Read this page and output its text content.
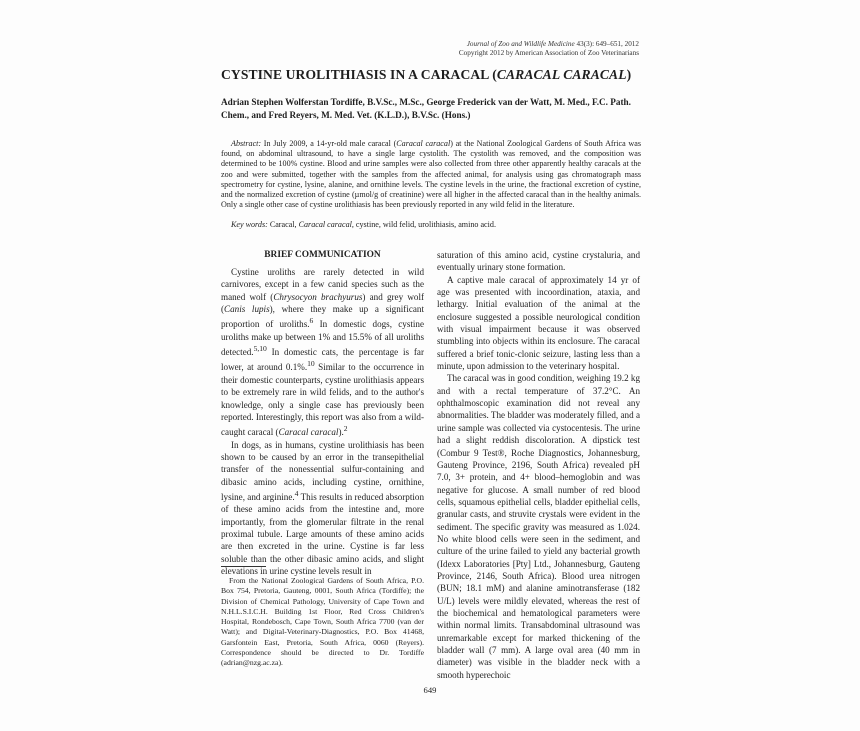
Journal of Zoo and Wildlife Medicine 43(3): 649–651, 2012
Copyright 2012 by American Association of Zoo Veterinarians
CYSTINE UROLITHIASIS IN A CARACAL (CARACAL CARACAL)
Adrian Stephen Wolferstan Tordiffe, B.V.Sc., M.Sc., George Frederick van der Watt, M. Med., F.C. Path. Chem., and Fred Reyers, M. Med. Vet. (K.L.D.), B.V.Sc. (Hons.)
Abstract: In July 2009, a 14-yr-old male caracal (Caracal caracal) at the National Zoological Gardens of South Africa was found, on abdominal ultrasound, to have a single large cystolith. The cystolith was removed, and the composition was determined to be 100% cystine. Blood and urine samples were also collected from three other apparently healthy caracals at the zoo and were submitted, together with the samples from the affected animal, for analysis using gas chromatograph mass spectrometry for cystine, lysine, alanine, and ornithine levels. The cystine levels in the urine, the fractional excretion of cystine, and the normalized excretion of cystine (µmol/g of creatinine) were all higher in the affected caracal than in the healthy animals. Only a single other case of cystine urolithiasis has been previously reported in any wild felid in the literature.
Key words: Caracal, Caracal caracal, cystine, wild felid, urolithiasis, amino acid.
BRIEF COMMUNICATION

Cystine uroliths are rarely detected in wild carnivores, except in a few canid species such as the maned wolf (Chrysocyon brachyurus) and grey wolf (Canis lupis), where they make up a significant proportion of uroliths.$^6$ In domestic dogs, cystine uroliths make up between 1% and 15.5% of all uroliths detected.$^{5,10}$ In domestic cats, the percentage is far lower, at around 0.1%.$^{10}$ Similar to the occurrence in their domestic counterparts, cystine urolithiasis appears to be extremely rare in wild felids, and to the author's knowledge, only a single case has previously been reported. Interestingly, this report was also from a wild-caught caracal (Caracal caracal).$^2$

In dogs, as in humans, cystine urolithiasis has been shown to be caused by an error in the transepithelial transfer of the nonessential sulfur-containing and dibasic amino acids, including cystine, ornithine, lysine, and arginine.$^4$ This results in reduced absorption of these amino acids from the intestine and, more importantly, from the glomerular filtrate in the renal proximal tubule. Large amounts of these amino acids are then excreted in the urine. Cystine is far less soluble than the other dibasic amino acids, and slight elevations in urine cystine levels result in

From the National Zoological Gardens of South Africa, P.O. Box 754, Pretoria, Gauteng, 0001, South Africa (Tordiffe); the Division of Chemical Pathology, University of Cape Town and N.H.L.S.I.C.H. Building 1st Floor, Red Cross Children's Hospital, Rondebosch, Cape Town, South Africa 7700 (van der Watt); and Digital-Veterinary-Diagnostics, P.O. Box 41468, Garsfontein East, Pretoria, South Africa, 0060 (Reyers). Correspondence should be directed to Dr. Tordiffe (adrian@nzg.ac.za).

saturation of this amino acid, cystine crystaluria, and eventually urinary stone formation.

A captive male caracal of approximately 14 yr of age was presented with incoordination, ataxia, and lethargy. Initial evaluation of the animal at the enclosure suggested a possible neurological condition with visual impairment because it was observed stumbling into objects within its enclosure. The caracal suffered a brief tonic-clonic seizure, lasting less than a minute, upon admission to the veterinary hospital.

The caracal was in good condition, weighing 19.2 kg and with a rectal temperature of 37.2°C. An ophthalmoscopic examination did not reveal any abnormalities. The bladder was moderately filled, and a urine sample was collected via cystocentesis. The urine had a slight reddish discoloration. A dipstick test (Combur 9 Test®, Roche Diagnostics, Johannesburg, Gauteng Province, 2196, South Africa) revealed pH 7.0, 3+ protein, and 4+ blood–hemoglobin and was negative for glucose. A small number of red blood cells, squamous epithelial cells, bladder epithelial cells, granular casts, and struvite crystals were evident in the sediment. The specific gravity was measured as 1.024. No white blood cells were seen in the sediment, and culture of the urine failed to yield any bacterial growth (Idexx Laboratories [Pty] Ltd., Johannesburg, Gauteng Province, 2146, South Africa). Blood urea nitrogen (BUN; 18.1 mM) and alanine aminotransferase (182 U/L) levels were mildly elevated, whereas the rest of the biochemical and hematological parameters were within normal limits. Transabdominal ultrasound was unremarkable except for marked thickening of the bladder wall (7 mm). A large oval area (40 mm in diameter) was visible in the bladder neck with a smooth hyperechoic

649
